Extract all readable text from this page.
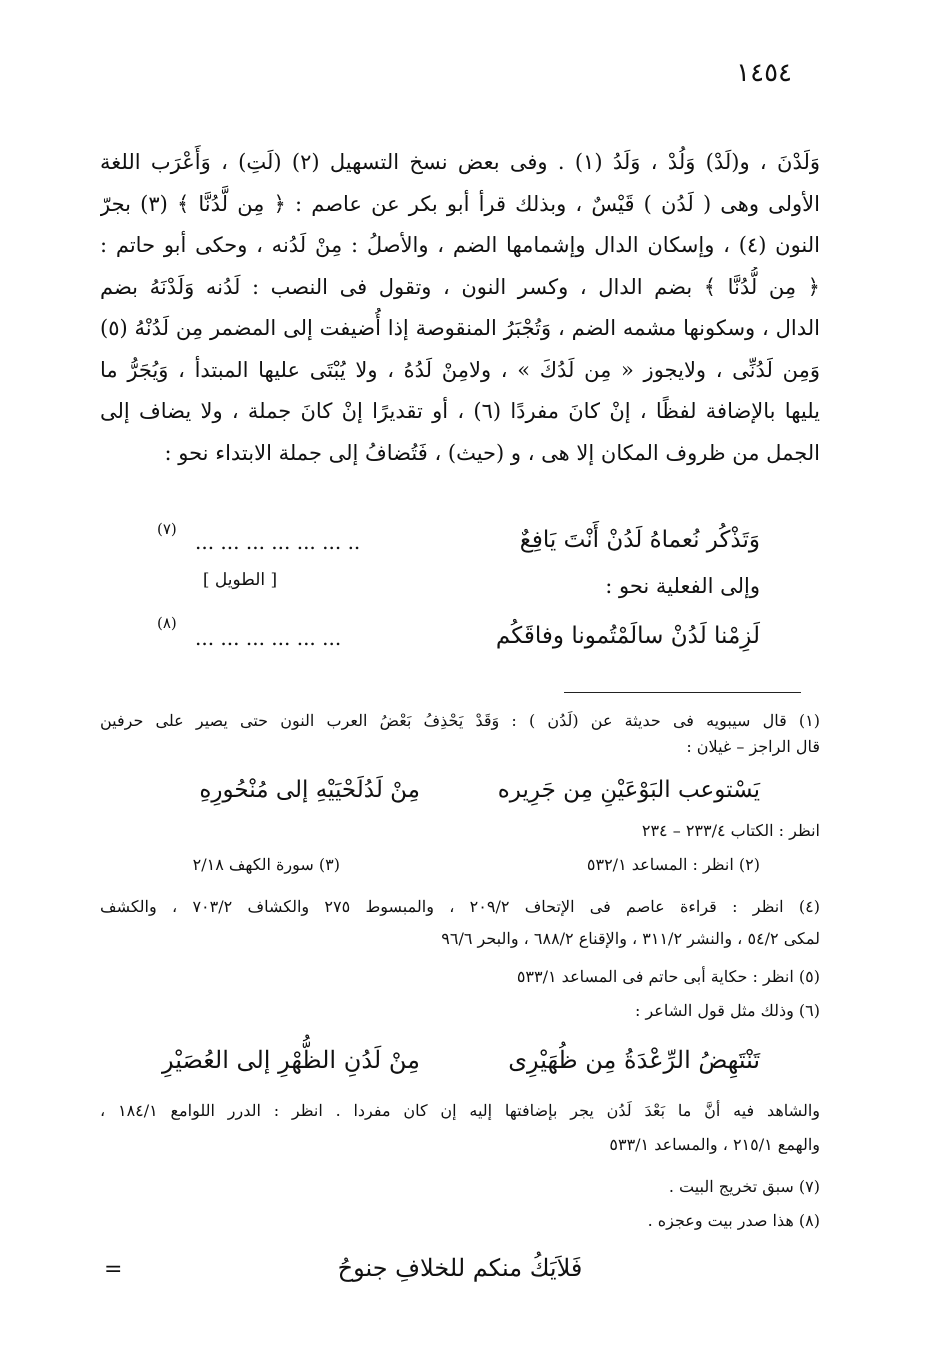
١٤٥٤
وَلَدْنَ ، و(لَدْ) وَلُدْ ، وَلَدُ (١) . وفى بعض نسخ التسهيل (٢) (لَتِ) ، وَأَعْرَب اللغة
الأولى وهى ( لَدُن ) قَيْسٌ ، وبذلك قرأ أبو بكر عن عاصم : ﴿ مِن لَّدُنَّا ﴾ (٣) بجرّ
النون (٤) ، وإسكان الدال وإشمامها الضم ، والأصلُ : مِنْ لَدُنه ، وحكى أبو حاتم :
﴿ مِن لُّدُنَّا ﴾ بضم الدال ، وكسر النون ، وتقول فى النصب : لَدُنه وَلَدْنَهُ بضم
الدال ، وسكونها مشمه الضم ، وَتُجْبَرُ المنقوصة إذا أُضيفت إلى المضمر مِن لَدُنْهُ (٥)
وَمِن لَدُنِّى ، ولايجوز « مِن لَدُكَ » ، ولامِنْ لَدُهُ ، ولا يُبْتَى عليها المبتدأ ، وَيُجَرُّ ما
يليها بالإضافة لفظًا ، إنْ كانَ مفردًا (٦) ، أو تقديرًا إنْ كانَ جملة ، ولا يضاف إلى
الجمل من ظروف المكان إلا هى ، و (حيث) ، فَتُضافُ إلى جملة الابتداء نحو :
وَتَذْكُر نُعماهُ لَدُنْ أَنْتَ يَافِعٌ
... ... ... ... ... ... ..
(٧)
وإلى الفعلية نحو :
[ الطويل ]
لَزِمْنا لَدُنْ سالَمْتُمونا وفاقَكُم
... ... ... ... ... ...
(٨)
(١) قال سيبويه فى حديثة عن (لَدُن ) : وَقَدْ يَحْذِفُ بَعْضُ العرب النون حتى يصير على حرفين
قال الراجز – غيلان :
يَسْتوعب البَوْعَيْنِ مِن جَرِيره
مِنْ لَدُلَحْيَيْهِ إلى مُنْحُورِهِ
انظر : الكتاب ٢٣٣/٤ – ٢٣٤
(٢) انظر : المساعد ٥٣٢/١
(٣) سورة الكهف ٢/١٨
(٤) انظر : قراءة عاصم فى الإتحاف ٢٠٩/٢ ، والمبسوط ٢٧٥ والكشاف ٧٠٣/٢ ، والكشف
لمكى ٥٤/٢ ، والنشر ٣١١/٢ ، والإقناع ٦٨٨/٢ ، والبحر ٩٦/٦
(٥) انظر : حكاية أبى حاتم فى المساعد ٥٣٣/١
(٦) وذلك مثل قول الشاعر :
تَنْتَهِضُ الرِّعْدَةُ مِن ظُهَيْرِى
مِنْ لَدُنِ الظُّهْرِ إلى العُصَيْرِ
والشاهد فيه أنَّ ما بَعْدَ لَدُن يجر بإضافتها إليه إن كان مفردا . انظر : الدرر اللوامع ١٨٤/١ ،
والهمع ٢١٥/١ ، والمساعد ٥٣٣/١
(٧) سبق تخريج البيت .
(٨) هذا صدر بيت وعجزه .
فَلاَيَكُ منكم للخلافِ جنوحُ
=
